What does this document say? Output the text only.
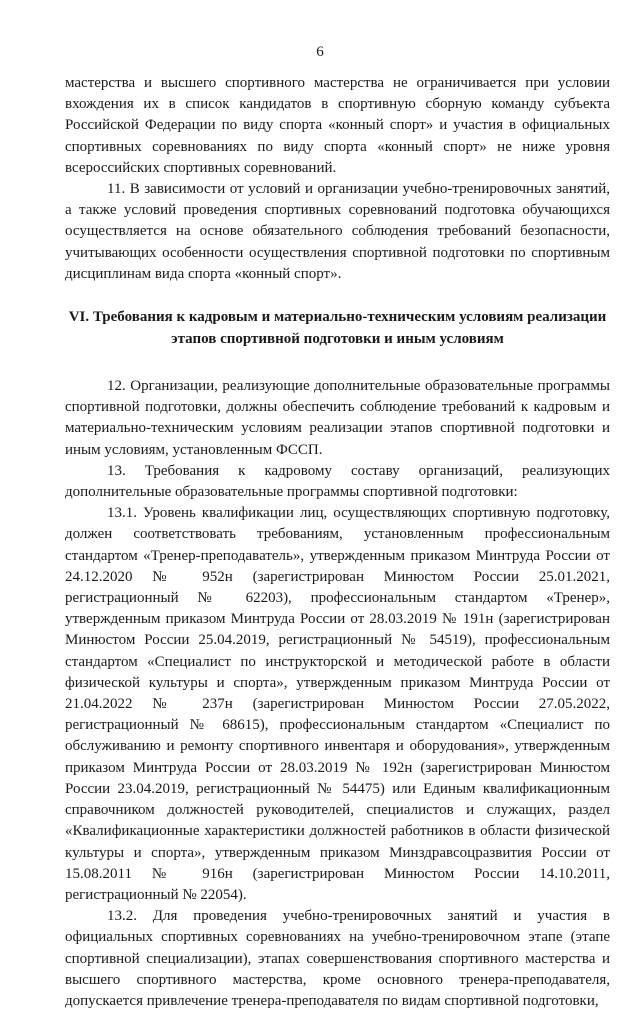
6

мастерства и высшего спортивного мастерства не ограничивается при условии вхождения их в список кандидатов в спортивную сборную команду субъекта Российской Федерации по виду спорта «конный спорт» и участия в официальных спортивных соревнованиях по виду спорта «конный спорт» не ниже уровня всероссийских спортивных соревнований.

11. В зависимости от условий и организации учебно-тренировочных занятий, а также условий проведения спортивных соревнований подготовка обучающихся осуществляется на основе обязательного соблюдения требований безопасности, учитывающих особенности осуществления спортивной подготовки по спортивным дисциплинам вида спорта «конный спорт».

VI. Требования к кадровым и материально-техническим условиям реализации этапов спортивной подготовки и иным условиям

12. Организации, реализующие дополнительные образовательные программы спортивной подготовки, должны обеспечить соблюдение требований к кадровым и материально-техническим условиям реализации этапов спортивной подготовки и иным условиям, установленным ФССП.

13. Требования к кадровому составу организаций, реализующих дополнительные образовательные программы спортивной подготовки:

13.1. Уровень квалификации лиц, осуществляющих спортивную подготовку, должен соответствовать требованиям, установленным профессиональным стандартом «Тренер-преподаватель», утвержденным приказом Минтруда России от 24.12.2020 № 952н (зарегистрирован Минюстом России 25.01.2021, регистрационный № 62203), профессиональным стандартом «Тренер», утвержденным приказом Минтруда России от 28.03.2019 № 191н (зарегистрирован Минюстом России 25.04.2019, регистрационный № 54519), профессиональным стандартом «Специалист по инструкторской и методической работе в области физической культуры и спорта», утвержденным приказом Минтруда России от 21.04.2022 № 237н (зарегистрирован Минюстом России 27.05.2022, регистрационный № 68615), профессиональным стандартом «Специалист по обслуживанию и ремонту спортивного инвентаря и оборудования», утвержденным приказом Минтруда России от 28.03.2019 № 192н (зарегистрирован Минюстом России 23.04.2019, регистрационный № 54475) или Единым квалификационным справочником должностей руководителей, специалистов и служащих, раздел «Квалификационные характеристики должностей работников в области физической культуры и спорта», утвержденным приказом Минздравсоцразвития России от 15.08.2011 № 916н (зарегистрирован Минюстом России 14.10.2011, регистрационный № 22054).

13.2. Для проведения учебно-тренировочных занятий и участия в официальных спортивных соревнованиях на учебно-тренировочном этапе (этапе спортивной специализации), этапах совершенствования спортивного мастерства и высшего спортивного мастерства, кроме основного тренера-преподавателя, допускается привлечение тренера-преподавателя по видам спортивной подготовки,
